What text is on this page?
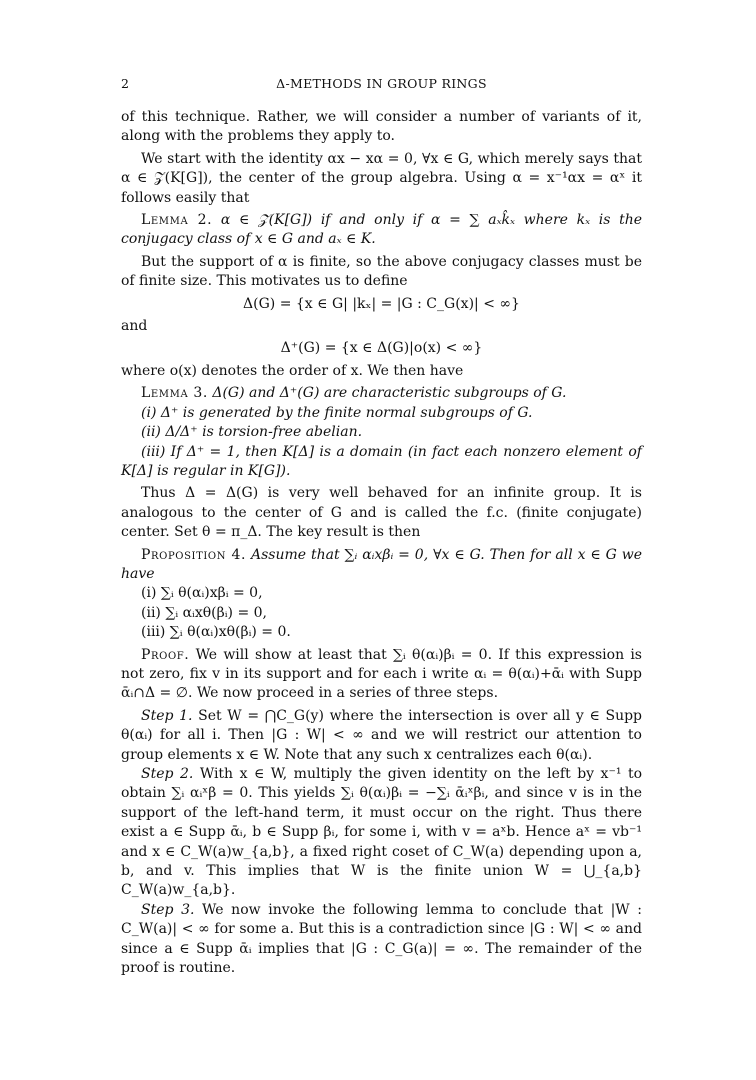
2	Δ-METHODS IN GROUP RINGS

of this technique. Rather, we will consider a number of variants of it, along with the problems they apply to.

We start with the identity αx − xα = 0, ∀x ∈ G, which merely says that α ∈ 𝒵(K[G]), the center of the group algebra. Using α = x⁻¹αx = αˣ it follows easily that

Lemma 2. α ∈ 𝒵(K[G]) if and only if α = ∑ aₓk̂ₓ where kₓ is the conjugacy class of x ∈ G and aₓ ∈ K.

But the support of α is finite, so the above conjugacy classes must be of finite size. This motivates us to define

Δ(G) = {x ∈ G| |kₓ| = |G : C_G(x)| < ∞}

and

Δ⁺(G) = {x ∈ Δ(G)|o(x) < ∞}

where o(x) denotes the order of x. We then have

Lemma 3. Δ(G) and Δ⁺(G) are characteristic subgroups of G.

(i) Δ⁺ is generated by the finite normal subgroups of G.

(ii) Δ/Δ⁺ is torsion-free abelian.

(iii) If Δ⁺ = 1, then K[Δ] is a domain (in fact each nonzero element of K[Δ] is regular in K[G]).

Thus Δ = Δ(G) is very well behaved for an infinite group. It is analogous to the center of G and is called the f.c. (finite conjugate) center. Set θ = π_Δ. The key result is then

Proposition 4. Assume that ∑ᵢ αᵢxβᵢ = 0, ∀x ∈ G. Then for all x ∈ G we have

(i) ∑ᵢ θ(αᵢ)xβᵢ = 0,

(ii) ∑ᵢ αᵢxθ(βᵢ) = 0,

(iii) ∑ᵢ θ(αᵢ)xθ(βᵢ) = 0.

Proof. We will show at least that ∑ᵢ θ(αᵢ)βᵢ = 0. If this expression is not zero, fix v in its support and for each i write αᵢ = θ(αᵢ)+ᾱᵢ with Supp ᾱᵢ∩Δ = ∅. We now proceed in a series of three steps.

Step 1. Set W = ⋂C_G(y) where the intersection is over all y ∈ Supp θ(αᵢ) for all i. Then |G : W| < ∞ and we will restrict our attention to group elements x ∈ W. Note that any such x centralizes each θ(αᵢ).

Step 2. With x ∈ W, multiply the given identity on the left by x⁻¹ to obtain ∑ᵢ αᵢˣβ = 0. This yields ∑ᵢ θ(αᵢ)βᵢ = −∑ᵢ ᾱᵢˣβᵢ, and since v is in the support of the left-hand term, it must occur on the right. Thus there exist a ∈ Supp ᾱᵢ, b ∈ Supp βᵢ, for some i, with v = aˣb. Hence aˣ = vb⁻¹ and x ∈ C_W(a)w_{a,b}, a fixed right coset of C_W(a) depending upon a, b, and v. This implies that W is the finite union W = ⋃_{a,b} C_W(a)w_{a,b}.

Step 3. We now invoke the following lemma to conclude that |W : C_W(a)| < ∞ for some a. But this is a contradiction since |G : W| < ∞ and since a ∈ Supp ᾱᵢ implies that |G : C_G(a)| = ∞. The remainder of the proof is routine.
